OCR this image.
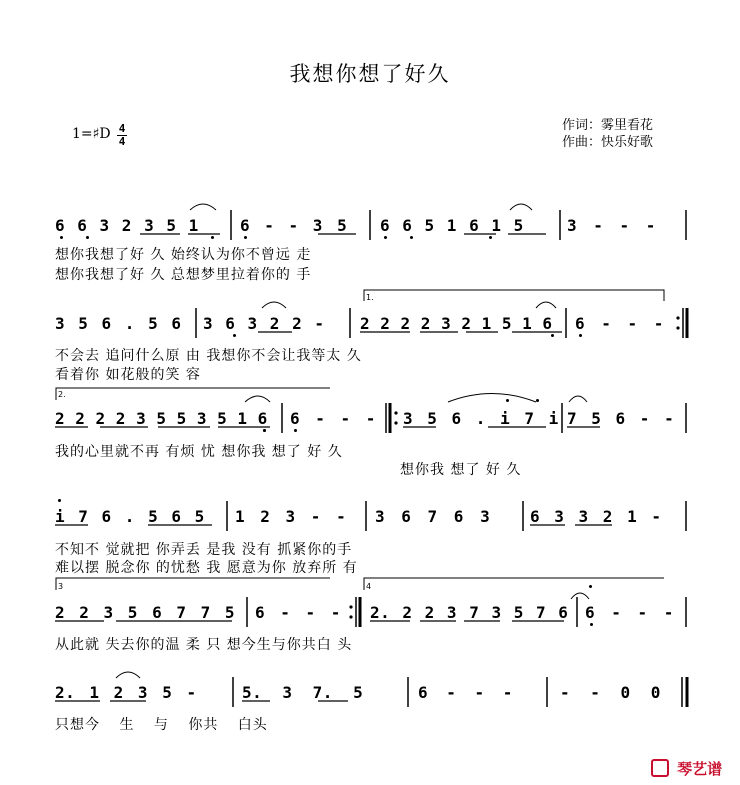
我想你想了好久
1=♯D 4
4
作词：雾里看花
作曲：快乐好歌
6 6 3 2 3 5 1	6 - - 3 5	6 6 5 1 6 1 5	3 - - -
想你我想了好 久 始终认为你不曾远 走
想你我想了好 久 总想梦里拉着你的 手
1.
3 5 6 . 5 6	3 6 3 2 2 -	2 2 2 2 3 2 1 5 1 6	6 - - -
不会去 追问什么原 由 我想你不会让我等太 久
看着你 如花般的笑 容
2.
2 2 2 2 3 5 5 3 5 1 6	6 - - - 3 5 6 . i 7 i 7 5 6 - -
我的心里就不再 有烦 忧 想你我 想了 好 久
想你我 想了 好 久
i 7 6 . 5 6 5	1 2 3 - -	3 6 7 6 3	6 3 3 2 1 -
不知不 觉就把 你弄丢 是我 没有 抓紧你的手
难以摆 脱念你 的忧愁 我 愿意为你 放弃所 有
3	4
2 2 3 5 6 7 7 5	6 - - - 2. 2 2 3 7 3 5 7 6 6 - - -
从此就 失去你的温 柔 只 想今生与你共白 头
2. 1 2 3 5 -	5. 3 7. 5	6 - - -	- - 0 0
只想今 生 与 你共 白头
琴艺谱
